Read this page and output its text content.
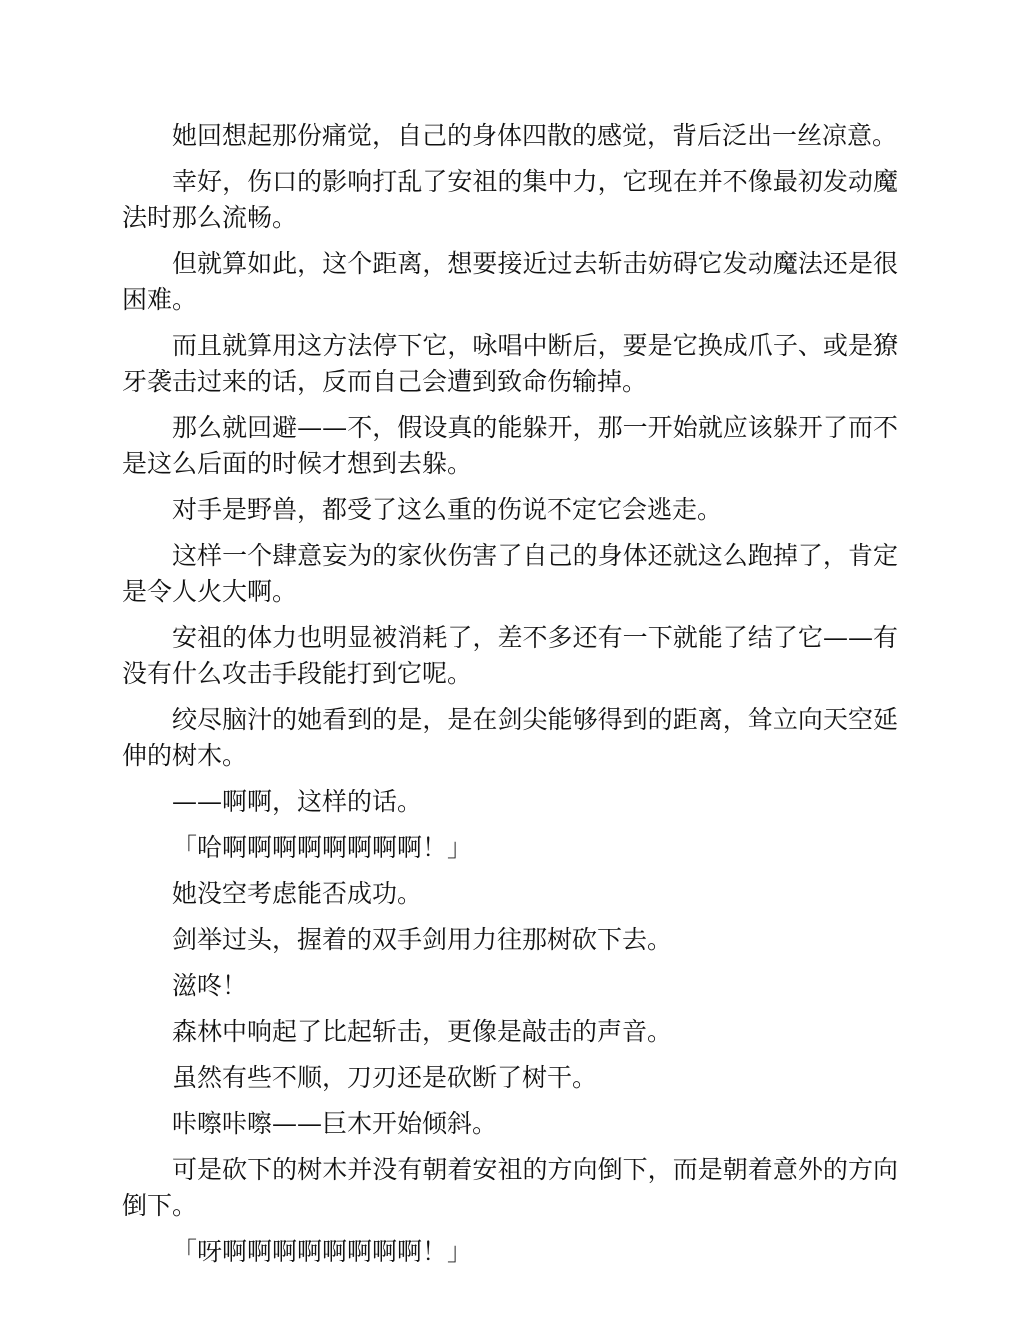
她回想起那份痛觉，自己的身体四散的感觉，背后泛出一丝凉意。

幸好，伤口的影响打乱了安祖的集中力，它现在并不像最初发动魔法时那么流畅。

但就算如此，这个距离，想要接近过去斩击妨碍它发动魔法还是很困难。

而且就算用这方法停下它，咏唱中断后，要是它换成爪子、或是獠牙袭击过来的话，反而自己会遭到致命伤输掉。

那么就回避——不，假设真的能躲开，那一开始就应该躲开了而不是这么后面的时候才想到去躲。

对手是野兽，都受了这么重的伤说不定它会逃走。

这样一个肆意妄为的家伙伤害了自己的身体还就这么跑掉了，肯定是令人火大啊。

安祖的体力也明显被消耗了，差不多还有一下就能了结了它——有没有什么攻击手段能打到它呢。

绞尽脑汁的她看到的是，是在剑尖能够得到的距离，耸立向天空延伸的树木。

——啊啊，这样的话。

「哈啊啊啊啊啊啊啊啊！」

她没空考虑能否成功。

剑举过头，握着的双手剑用力往那树砍下去。

滋咚！

森林中响起了比起斩击，更像是敲击的声音。

虽然有些不顺，刀刃还是砍断了树干。

咔嚓咔嚓——巨木开始倾斜。

可是砍下的树木并没有朝着安祖的方向倒下，而是朝着意外的方向倒下。

「呀啊啊啊啊啊啊啊啊！」
